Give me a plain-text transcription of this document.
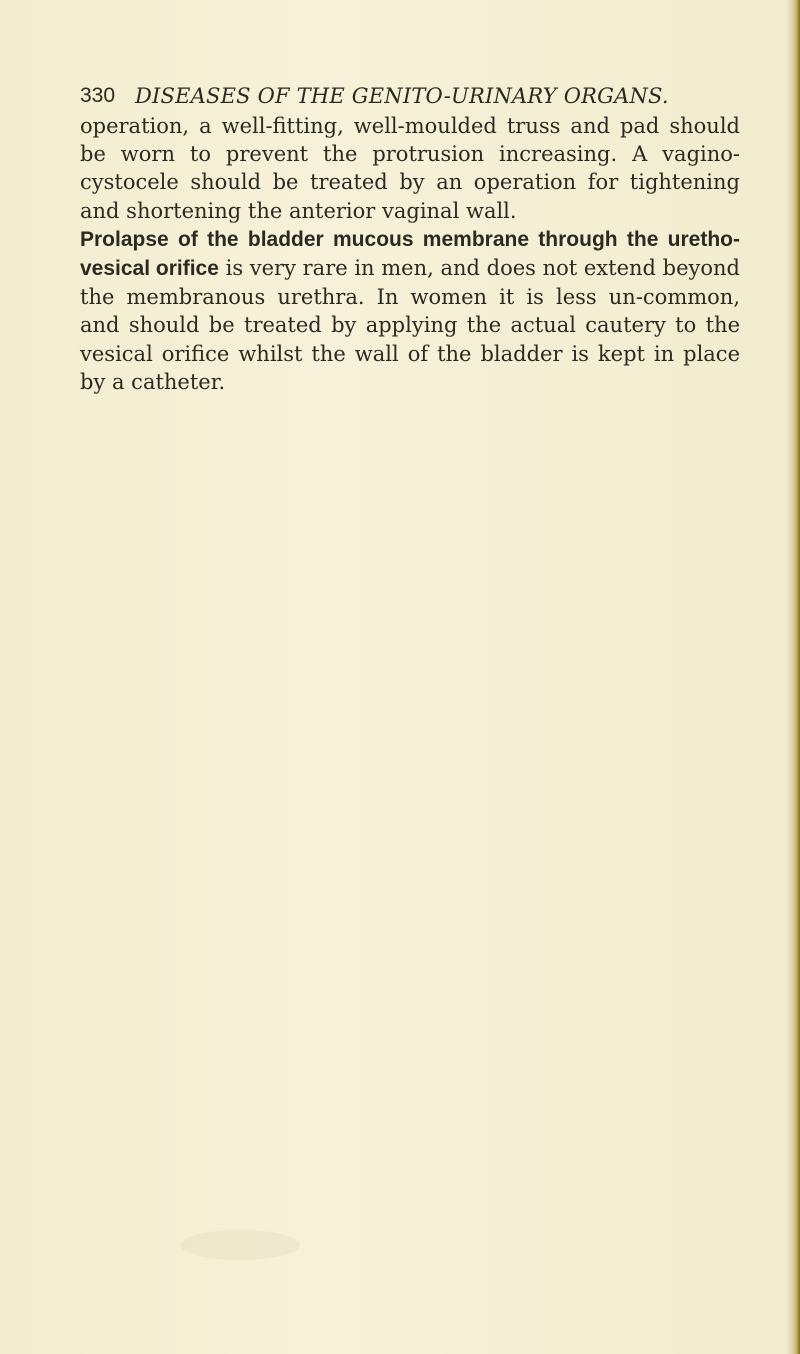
330 DISEASES OF THE GENITO-URINARY ORGANS.

operation, a well-fitting, well-moulded truss and pad should be worn to prevent the protrusion increasing. A vagino-cystocele should be treated by an operation for tightening and shortening the anterior vaginal wall.

Prolapse of the bladder mucous membrane through the uretho-vesical orifice is very rare in men, and does not extend beyond the membranous urethra. In women it is less un-common, and should be treated by applying the actual cautery to the vesical orifice whilst the wall of the bladder is kept in place by a catheter.
